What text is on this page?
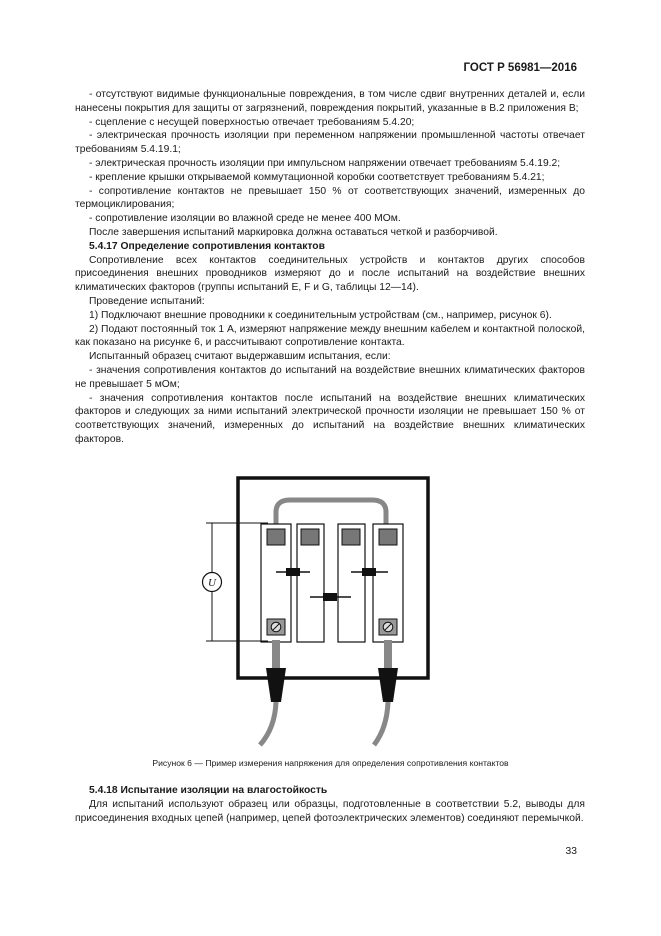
ГОСТ Р 56981—2016

- отсутствуют видимые функциональные повреждения, в том числе сдвиг внутренних деталей и, если нанесены покрытия для защиты от загрязнений, повреждения покрытий, указанные в В.2 приложения В;

- сцепление с несущей поверхностью отвечает требованиям 5.4.20;

- электрическая прочность изоляции при переменном напряжении промышленной частоты отвечает требованиям 5.4.19.1;

- электрическая прочность изоляции при импульсном напряжении отвечает требованиям 5.4.19.2;

- крепление крышки открываемой коммутационной коробки соответствует требованиям 5.4.21;

- сопротивление контактов не превышает 150 % от соответствующих значений, измеренных до термоциклирования;

- сопротивление изоляции во влажной среде не менее 400 МОм.

После завершения испытаний маркировка должна оставаться четкой и разборчивой.

5.4.17 Определение сопротивления контактов

Сопротивление всех контактов соединительных устройств и контактов других способов присоединения внешних проводников измеряют до и после испытаний на воздействие внешних климатических факторов (группы испытаний E, F и G, таблицы 12—14).

Проведение испытаний:

1) Подключают внешние проводники к соединительным устройствам (см., например, рисунок 6).

2) Подают постоянный ток 1 А, измеряют напряжение между внешним кабелем и контактной полоской, как показано на рисунке 6, и рассчитывают сопротивление контакта.

Испытанный образец считают выдержавшим испытания, если:

- значения сопротивления контактов до испытаний на воздействие внешних климатических факторов не превышает 5 мОм;

- значения сопротивления контактов после испытаний на воздействие внешних климатических факторов и следующих за ними испытаний электрической прочности изоляции не превышает 150 % от соответствующих значений, измеренных до испытаний на воздействие внешних климатических факторов.

U
Рисунок 6 — Пример измерения напряжения для определения сопротивления контактов

5.4.18 Испытание изоляции на влагостойкость

Для испытаний используют образец или образцы, подготовленные в соответствии 5.2, выводы для присоединения входных цепей (например, цепей фотоэлектрических элементов) соединяют перемычкой.

33
